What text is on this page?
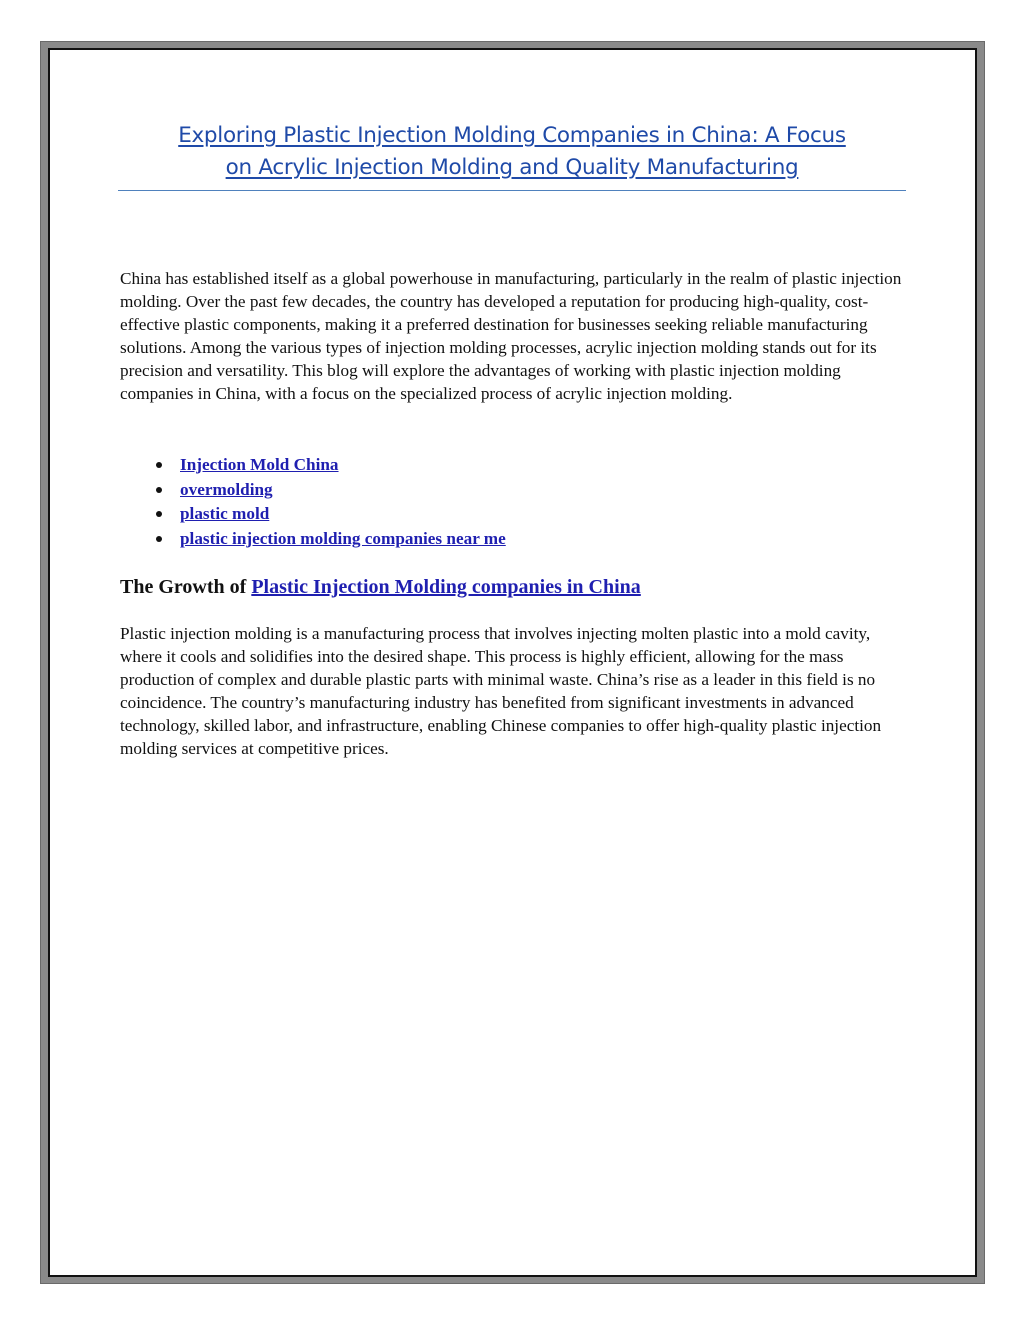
Exploring Plastic Injection Molding Companies in China: A Focus
on Acrylic Injection Molding and Quality Manufacturing

China has established itself as a global powerhouse in manufacturing, particularly in the realm of plastic injection molding. Over the past few decades, the country has developed a reputation for producing high-quality, cost-effective plastic components, making it a preferred destination for businesses seeking reliable manufacturing solutions. Among the various types of injection molding processes, acrylic injection molding stands out for its precision and versatility. This blog will explore the advantages of working with plastic injection molding companies in China, with a focus on the specialized process of acrylic injection molding.

Injection Mold China
overmolding
plastic mold
plastic injection molding companies near me
The Growth of Plastic Injection Molding companies in China

Plastic injection molding is a manufacturing process that involves injecting molten plastic into a mold cavity, where it cools and solidifies into the desired shape. This process is highly efficient, allowing for the mass production of complex and durable plastic parts with minimal waste. China’s rise as a leader in this field is no coincidence. The country’s manufacturing industry has benefited from significant investments in advanced technology, skilled labor, and infrastructure, enabling Chinese companies to offer high-quality plastic injection molding services at competitive prices.
